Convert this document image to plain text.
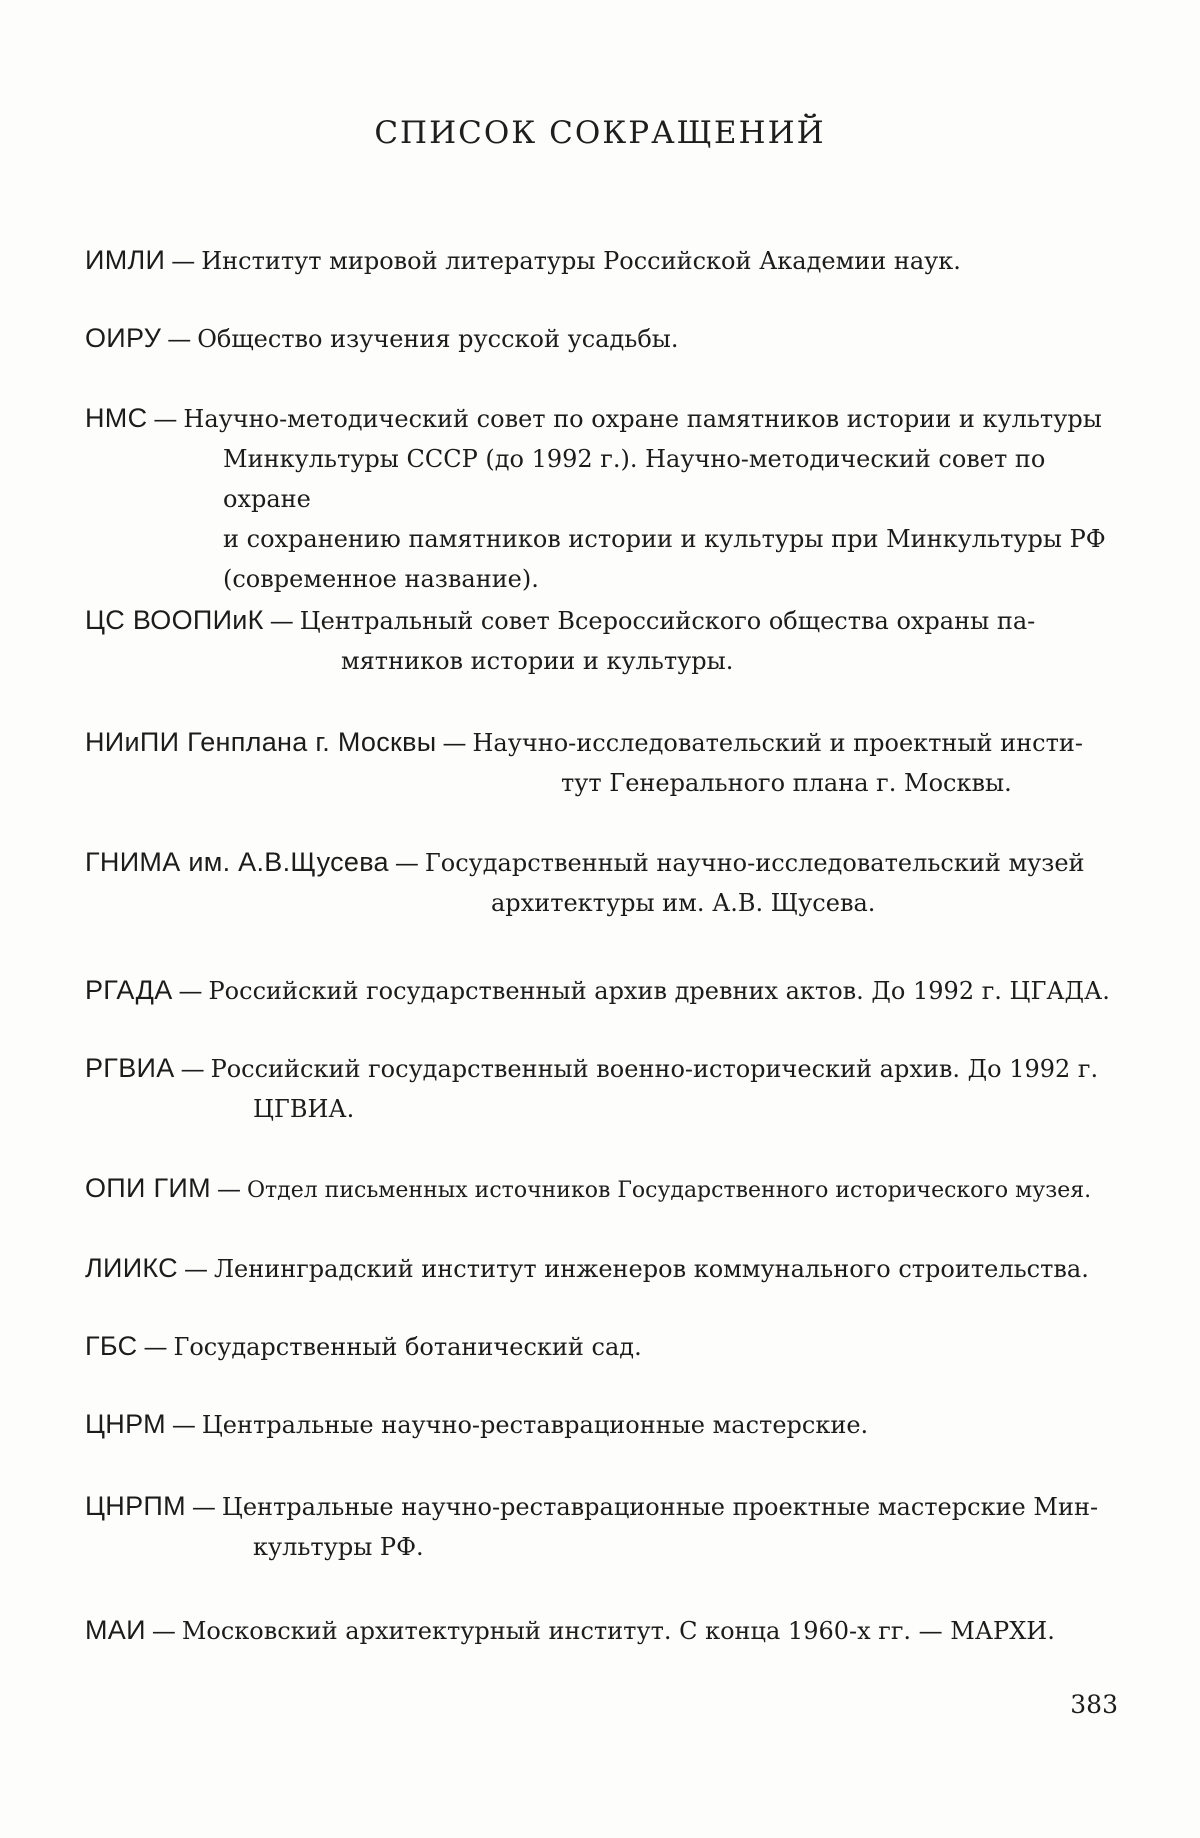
СПИСОК СОКРАЩЕНИЙ
ИМЛИ — Институт мировой литературы Российской Академии наук.
ОИРУ — Общество изучения русской усадьбы.
НМС — Научно-методический совет по охране памятников истории и культуры
Минкультуры СССР (до 1992 г.). Научно-методический совет по охране
и сохранению памятников истории и культуры при Минкультуры РФ
(современное название).
ЦС ВООПИиК — Центральный совет Всероссийского общества охраны па-
мятников истории и культуры.
НИиПИ Генплана г. Москвы — Научно-исследовательский и проектный инсти-
тут Генерального плана г. Москвы.
ГНИМА им. А.В.Щусева — Государственный научно-исследовательский музей
архитектуры им. А.В. Щусева.
РГАДА — Российский государственный архив древних актов. До 1992 г. ЦГАДА.
РГВИА — Российский государственный военно-исторический архив. До 1992 г.
ЦГВИА.
ОПИ ГИМ — Отдел письменных источников Государственного исторического музея.
ЛИИКС — Ленинградский институт инженеров коммунального строительства.
ГБС — Государственный ботанический сад.
ЦНРМ — Центральные научно-реставрационные мастерские.
ЦНРПМ — Центральные научно-реставрационные проектные мастерские Мин-
культуры РФ.
МАИ — Московский архитектурный институт. С конца 1960-х гг. — МАРХИ.
383
